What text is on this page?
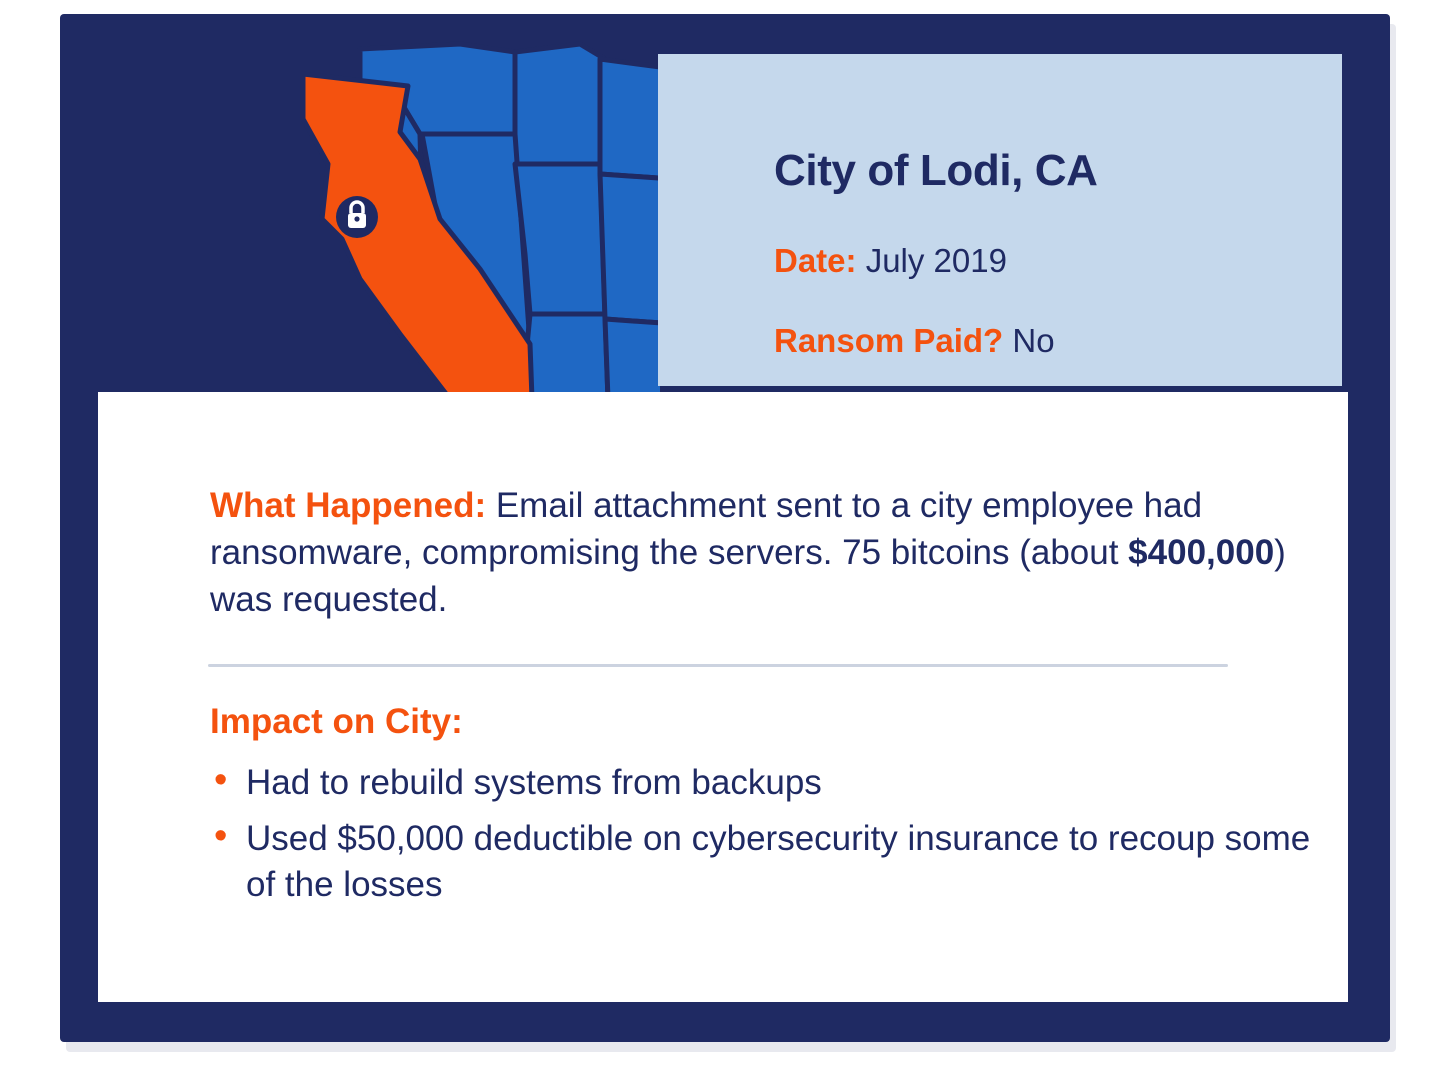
City of Lodi, CA
Date: July 2019
Ransom Paid? No

What Happened: Email attachment sent to a city employee had ransomware, compromising the servers. 75 bitcoins (about $400,000) was requested.

Impact on City:
• Had to rebuild systems from backups
• Used $50,000 deductible on cybersecurity insurance to recoup some of the losses
